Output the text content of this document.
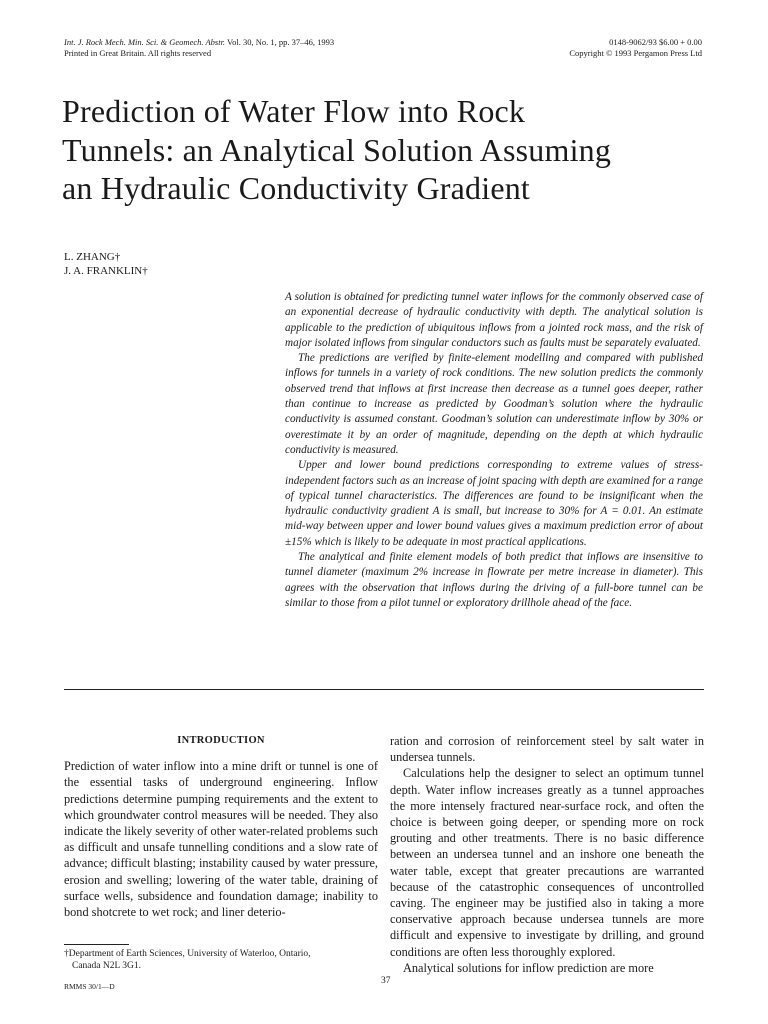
Int. J. Rock Mech. Min. Sci. & Geomech. Abstr. Vol. 30, No. 1, pp. 37–46, 1993
Printed in Great Britain. All rights reserved
0148-9062/93 $6.00 + 0.00
Copyright © 1993 Pergamon Press Ltd
Prediction of Water Flow into Rock Tunnels: an Analytical Solution Assuming an Hydraulic Conductivity Gradient
L. ZHANG†
J. A. FRANKLIN†

A solution is obtained for predicting tunnel water inflows for the commonly observed case of an exponential decrease of hydraulic conductivity with depth. The analytical solution is applicable to the prediction of ubiquitous inflows from a jointed rock mass, and the risk of major isolated inflows from singular conductors such as faults must be separately evaluated.

The predictions are verified by finite-element modelling and compared with published inflows for tunnels in a variety of rock conditions. The new solution predicts the commonly observed trend that inflows at first increase then decrease as a tunnel goes deeper, rather than continue to increase as predicted by Goodman’s solution where the hydraulic conductivity is assumed constant. Goodman’s solution can underestimate inflow by 30% or overestimate it by an order of magnitude, depending on the depth at which hydraulic conductivity is measured.

Upper and lower bound predictions corresponding to extreme values of stress-independent factors such as an increase of joint spacing with depth are examined for a range of typical tunnel characteristics. The differences are found to be insignificant when the hydraulic conductivity gradient A is small, but increase to 30% for A = 0.01. An estimate mid-way between upper and lower bound values gives a maximum prediction error of about ±15% which is likely to be adequate in most practical applications.

The analytical and finite element models of both predict that inflows are insensitive to tunnel diameter (maximum 2% increase in flowrate per metre increase in diameter). This agrees with the observation that inflows during the driving of a full-bore tunnel can be similar to those from a pilot tunnel or exploratory drillhole ahead of the face.

INTRODUCTION

Prediction of water inflow into a mine drift or tunnel is one of the essential tasks of underground engineering. Inflow predictions determine pumping requirements and the extent to which groundwater control measures will be needed. They also indicate the likely severity of other water-related problems such as difficult and unsafe tunnelling conditions and a slow rate of advance; difficult blasting; instability caused by water pressure, erosion and swelling; lowering of the water table, draining of surface wells, subsidence and foundation damage; inability to bond shotcrete to wet rock; and liner deterio-

ration and corrosion of reinforcement steel by salt water in undersea tunnels.

Calculations help the designer to select an optimum tunnel depth. Water inflow increases greatly as a tunnel approaches the more intensely fractured near-surface rock, and often the choice is between going deeper, or spending more on rock grouting and other treatments. There is no basic difference between an undersea tunnel and an inshore one beneath the water table, except that greater precautions are warranted because of the catastrophic consequences of uncontrolled caving. The engineer may be justified also in taking a more conservative approach because undersea tunnels are more difficult and expensive to investigate by drilling, and ground conditions are often less thoroughly explored.

Analytical solutions for inflow prediction are more

†Department of Earth Sciences, University of Waterloo, Ontario,
Canada N2L 3G1.
RMMS 30/1—D
37
